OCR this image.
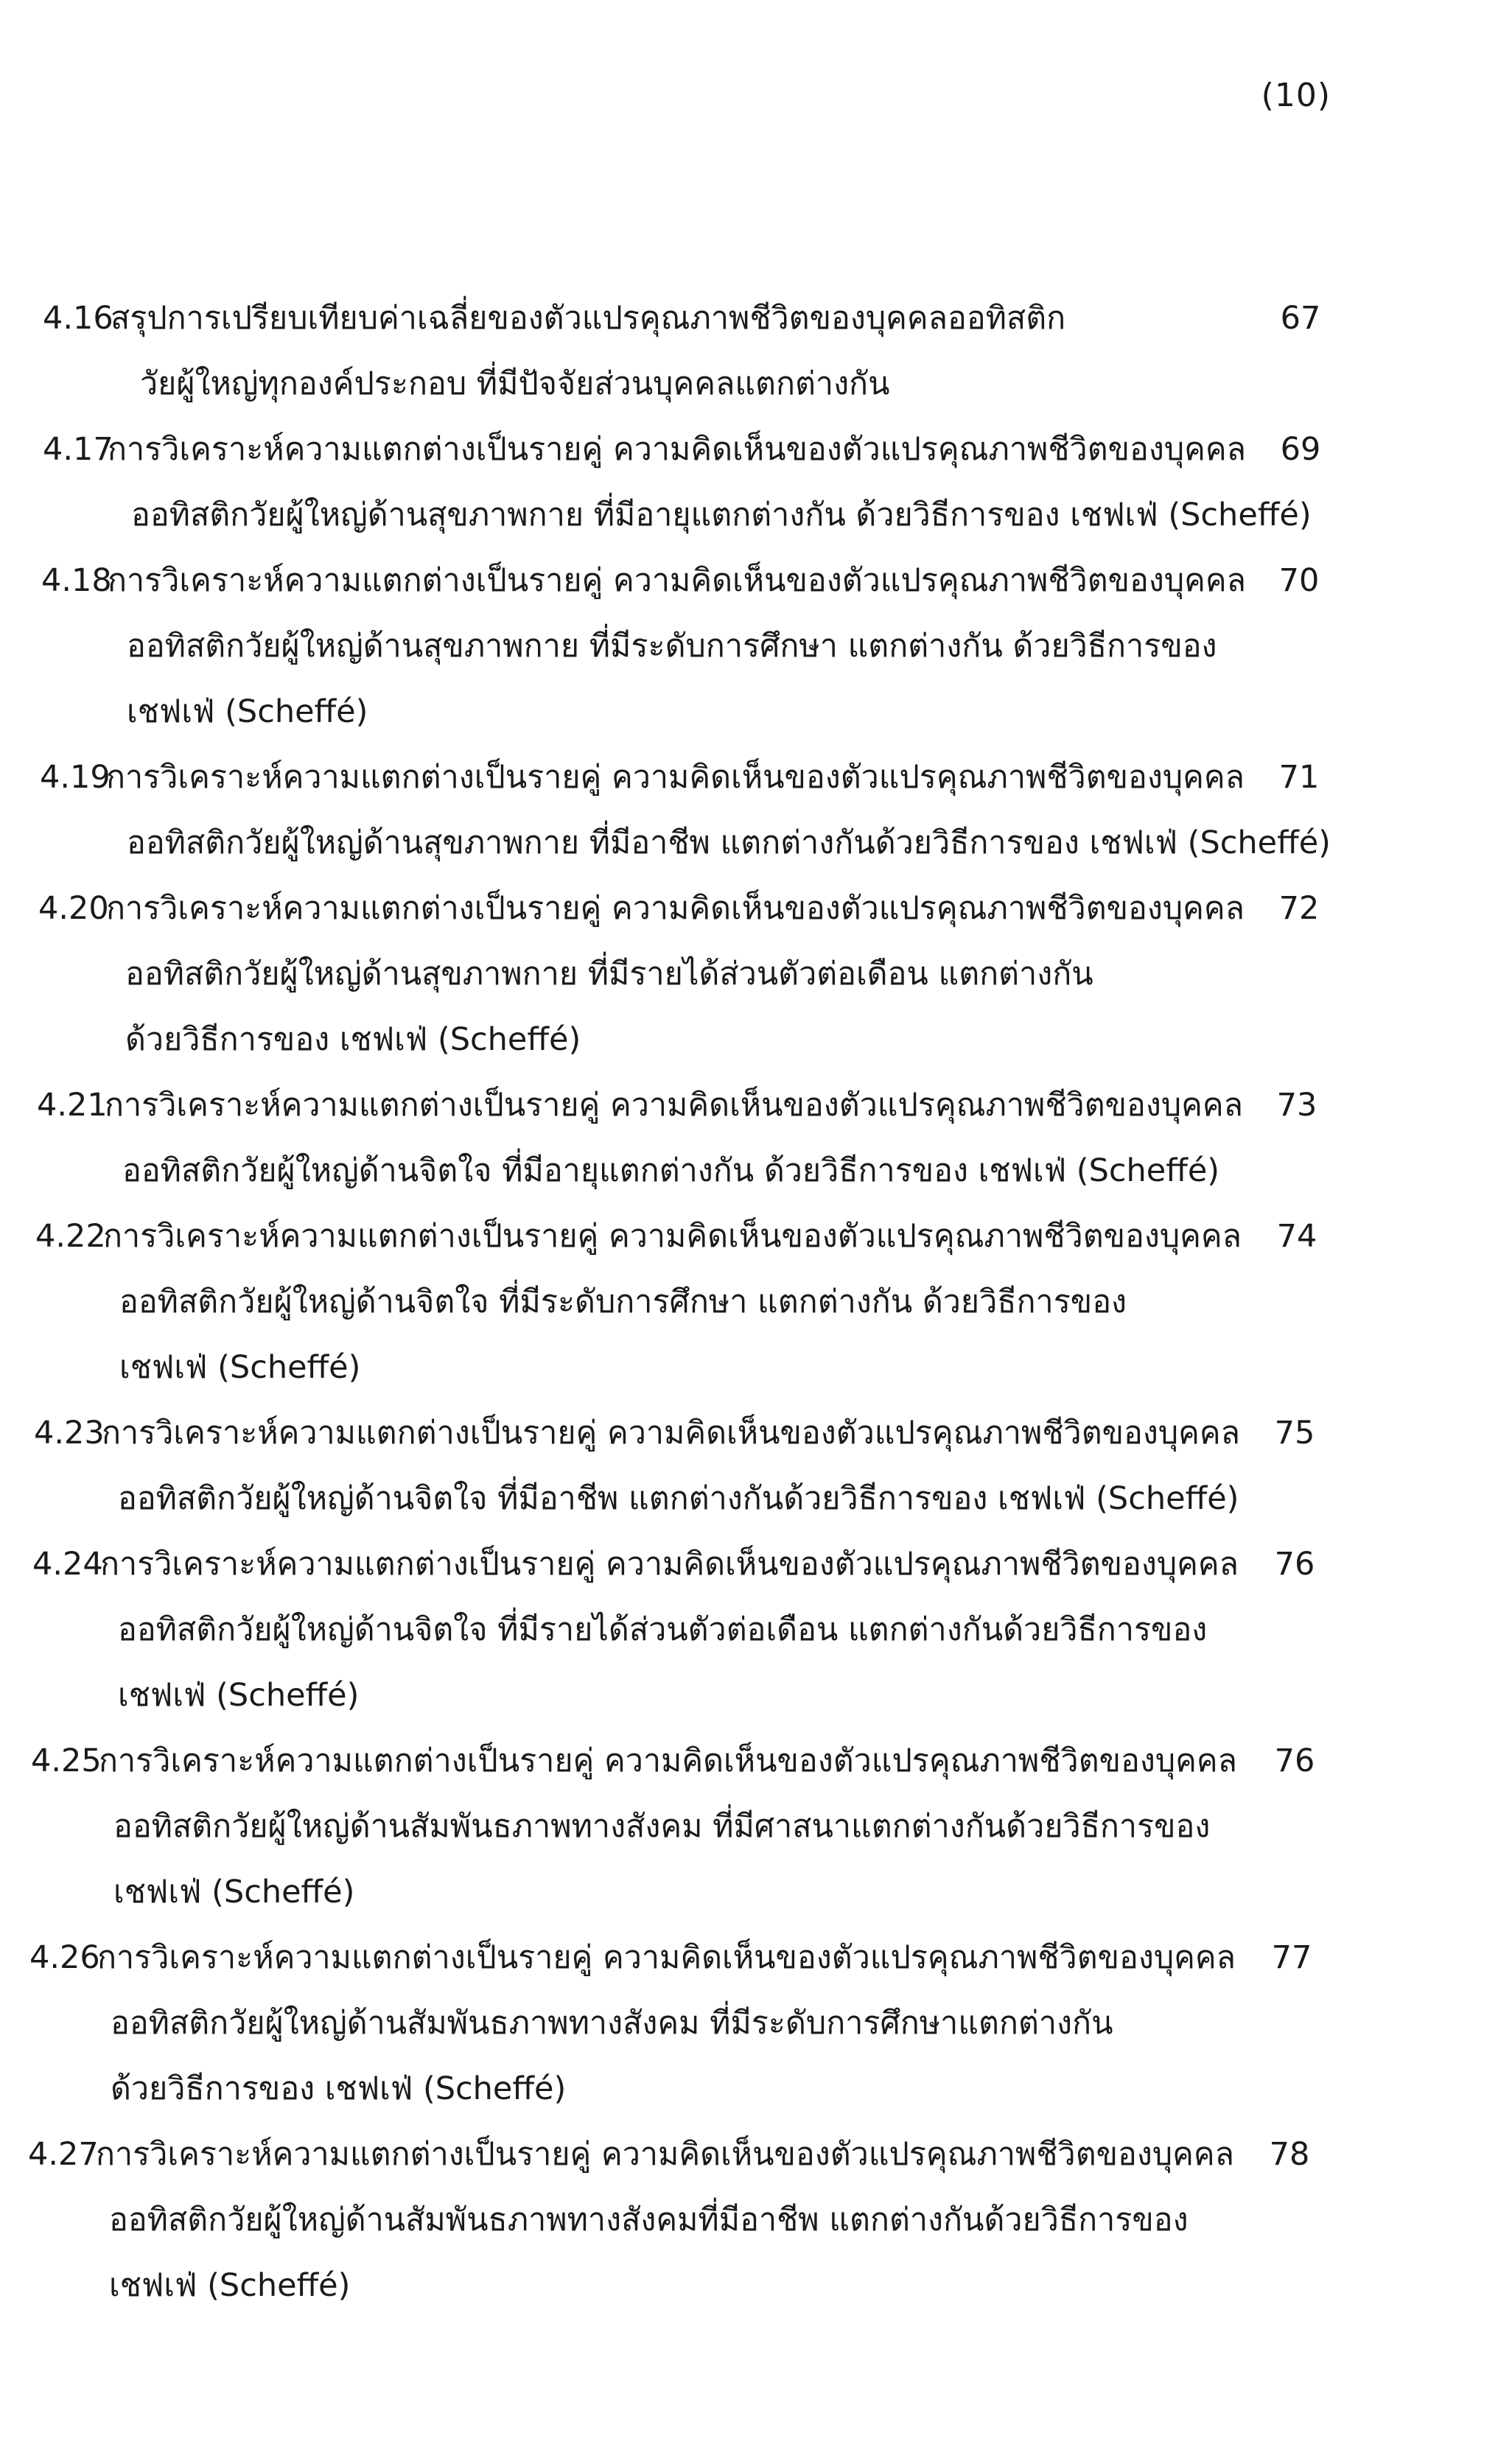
(10)
4.16
สรุปการเปรียบเทียบค่าเฉลี่ยของตัวแปรคุณภาพชีวิตของบุคคลออทิสติก	67
วัยผู้ใหญ่ทุกองค์ประกอบ ที่มีปัจจัยส่วนบุคคลแตกต่างกัน
4.17
การวิเคราะห์ความแตกต่างเป็นรายคู่ ความคิดเห็นของตัวแปรคุณภาพชีวิตของบุคคล	69
ออทิสติกวัยผู้ใหญ่ด้านสุขภาพกาย ที่มีอายุแตกต่างกัน ด้วยวิธีการของ เชฟเฟ่ (Scheffé)
4.18
การวิเคราะห์ความแตกต่างเป็นรายคู่ ความคิดเห็นของตัวแปรคุณภาพชีวิตของบุคคล	70
ออทิสติกวัยผู้ใหญ่ด้านสุขภาพกาย ที่มีระดับการศึกษา แตกต่างกัน ด้วยวิธีการของ
เชฟเฟ่ (Scheffé)
4.19
การวิเคราะห์ความแตกต่างเป็นรายคู่ ความคิดเห็นของตัวแปรคุณภาพชีวิตของบุคคล	71
ออทิสติกวัยผู้ใหญ่ด้านสุขภาพกาย ที่มีอาชีพ แตกต่างกันด้วยวิธีการของ เชฟเฟ่ (Scheffé)
4.20
การวิเคราะห์ความแตกต่างเป็นรายคู่ ความคิดเห็นของตัวแปรคุณภาพชีวิตของบุคคล	72
ออทิสติกวัยผู้ใหญ่ด้านสุขภาพกาย ที่มีรายได้ส่วนตัวต่อเดือน แตกต่างกัน
ด้วยวิธีการของ เชฟเฟ่ (Scheffé)
4.21
การวิเคราะห์ความแตกต่างเป็นรายคู่ ความคิดเห็นของตัวแปรคุณภาพชีวิตของบุคคล	73
ออทิสติกวัยผู้ใหญ่ด้านจิตใจ ที่มีอายุแตกต่างกัน ด้วยวิธีการของ เชฟเฟ่ (Scheffé)
4.22
การวิเคราะห์ความแตกต่างเป็นรายคู่ ความคิดเห็นของตัวแปรคุณภาพชีวิตของบุคคล	74
ออทิสติกวัยผู้ใหญ่ด้านจิตใจ ที่มีระดับการศึกษา แตกต่างกัน ด้วยวิธีการของ
เชฟเฟ่ (Scheffé)
4.23
การวิเคราะห์ความแตกต่างเป็นรายคู่ ความคิดเห็นของตัวแปรคุณภาพชีวิตของบุคคล	75
ออทิสติกวัยผู้ใหญ่ด้านจิตใจ ที่มีอาชีพ แตกต่างกันด้วยวิธีการของ เชฟเฟ่ (Scheffé)
4.24
การวิเคราะห์ความแตกต่างเป็นรายคู่ ความคิดเห็นของตัวแปรคุณภาพชีวิตของบุคคล	76
ออทิสติกวัยผู้ใหญ่ด้านจิตใจ ที่มีรายได้ส่วนตัวต่อเดือน แตกต่างกันด้วยวิธีการของ
เชฟเฟ่ (Scheffé)
4.25
การวิเคราะห์ความแตกต่างเป็นรายคู่ ความคิดเห็นของตัวแปรคุณภาพชีวิตของบุคคล	76
ออทิสติกวัยผู้ใหญ่ด้านสัมพันธภาพทางสังคม ที่มีศาสนาแตกต่างกันด้วยวิธีการของ
เชฟเฟ่ (Scheffé)
4.26
การวิเคราะห์ความแตกต่างเป็นรายคู่ ความคิดเห็นของตัวแปรคุณภาพชีวิตของบุคคล	77
ออทิสติกวัยผู้ใหญ่ด้านสัมพันธภาพทางสังคม ที่มีระดับการศึกษาแตกต่างกัน
ด้วยวิธีการของ เชฟเฟ่ (Scheffé)
4.27
การวิเคราะห์ความแตกต่างเป็นรายคู่ ความคิดเห็นของตัวแปรคุณภาพชีวิตของบุคคล	78
ออทิสติกวัยผู้ใหญ่ด้านสัมพันธภาพทางสังคมที่มีอาชีพ แตกต่างกันด้วยวิธีการของ
เชฟเฟ่ (Scheffé)
